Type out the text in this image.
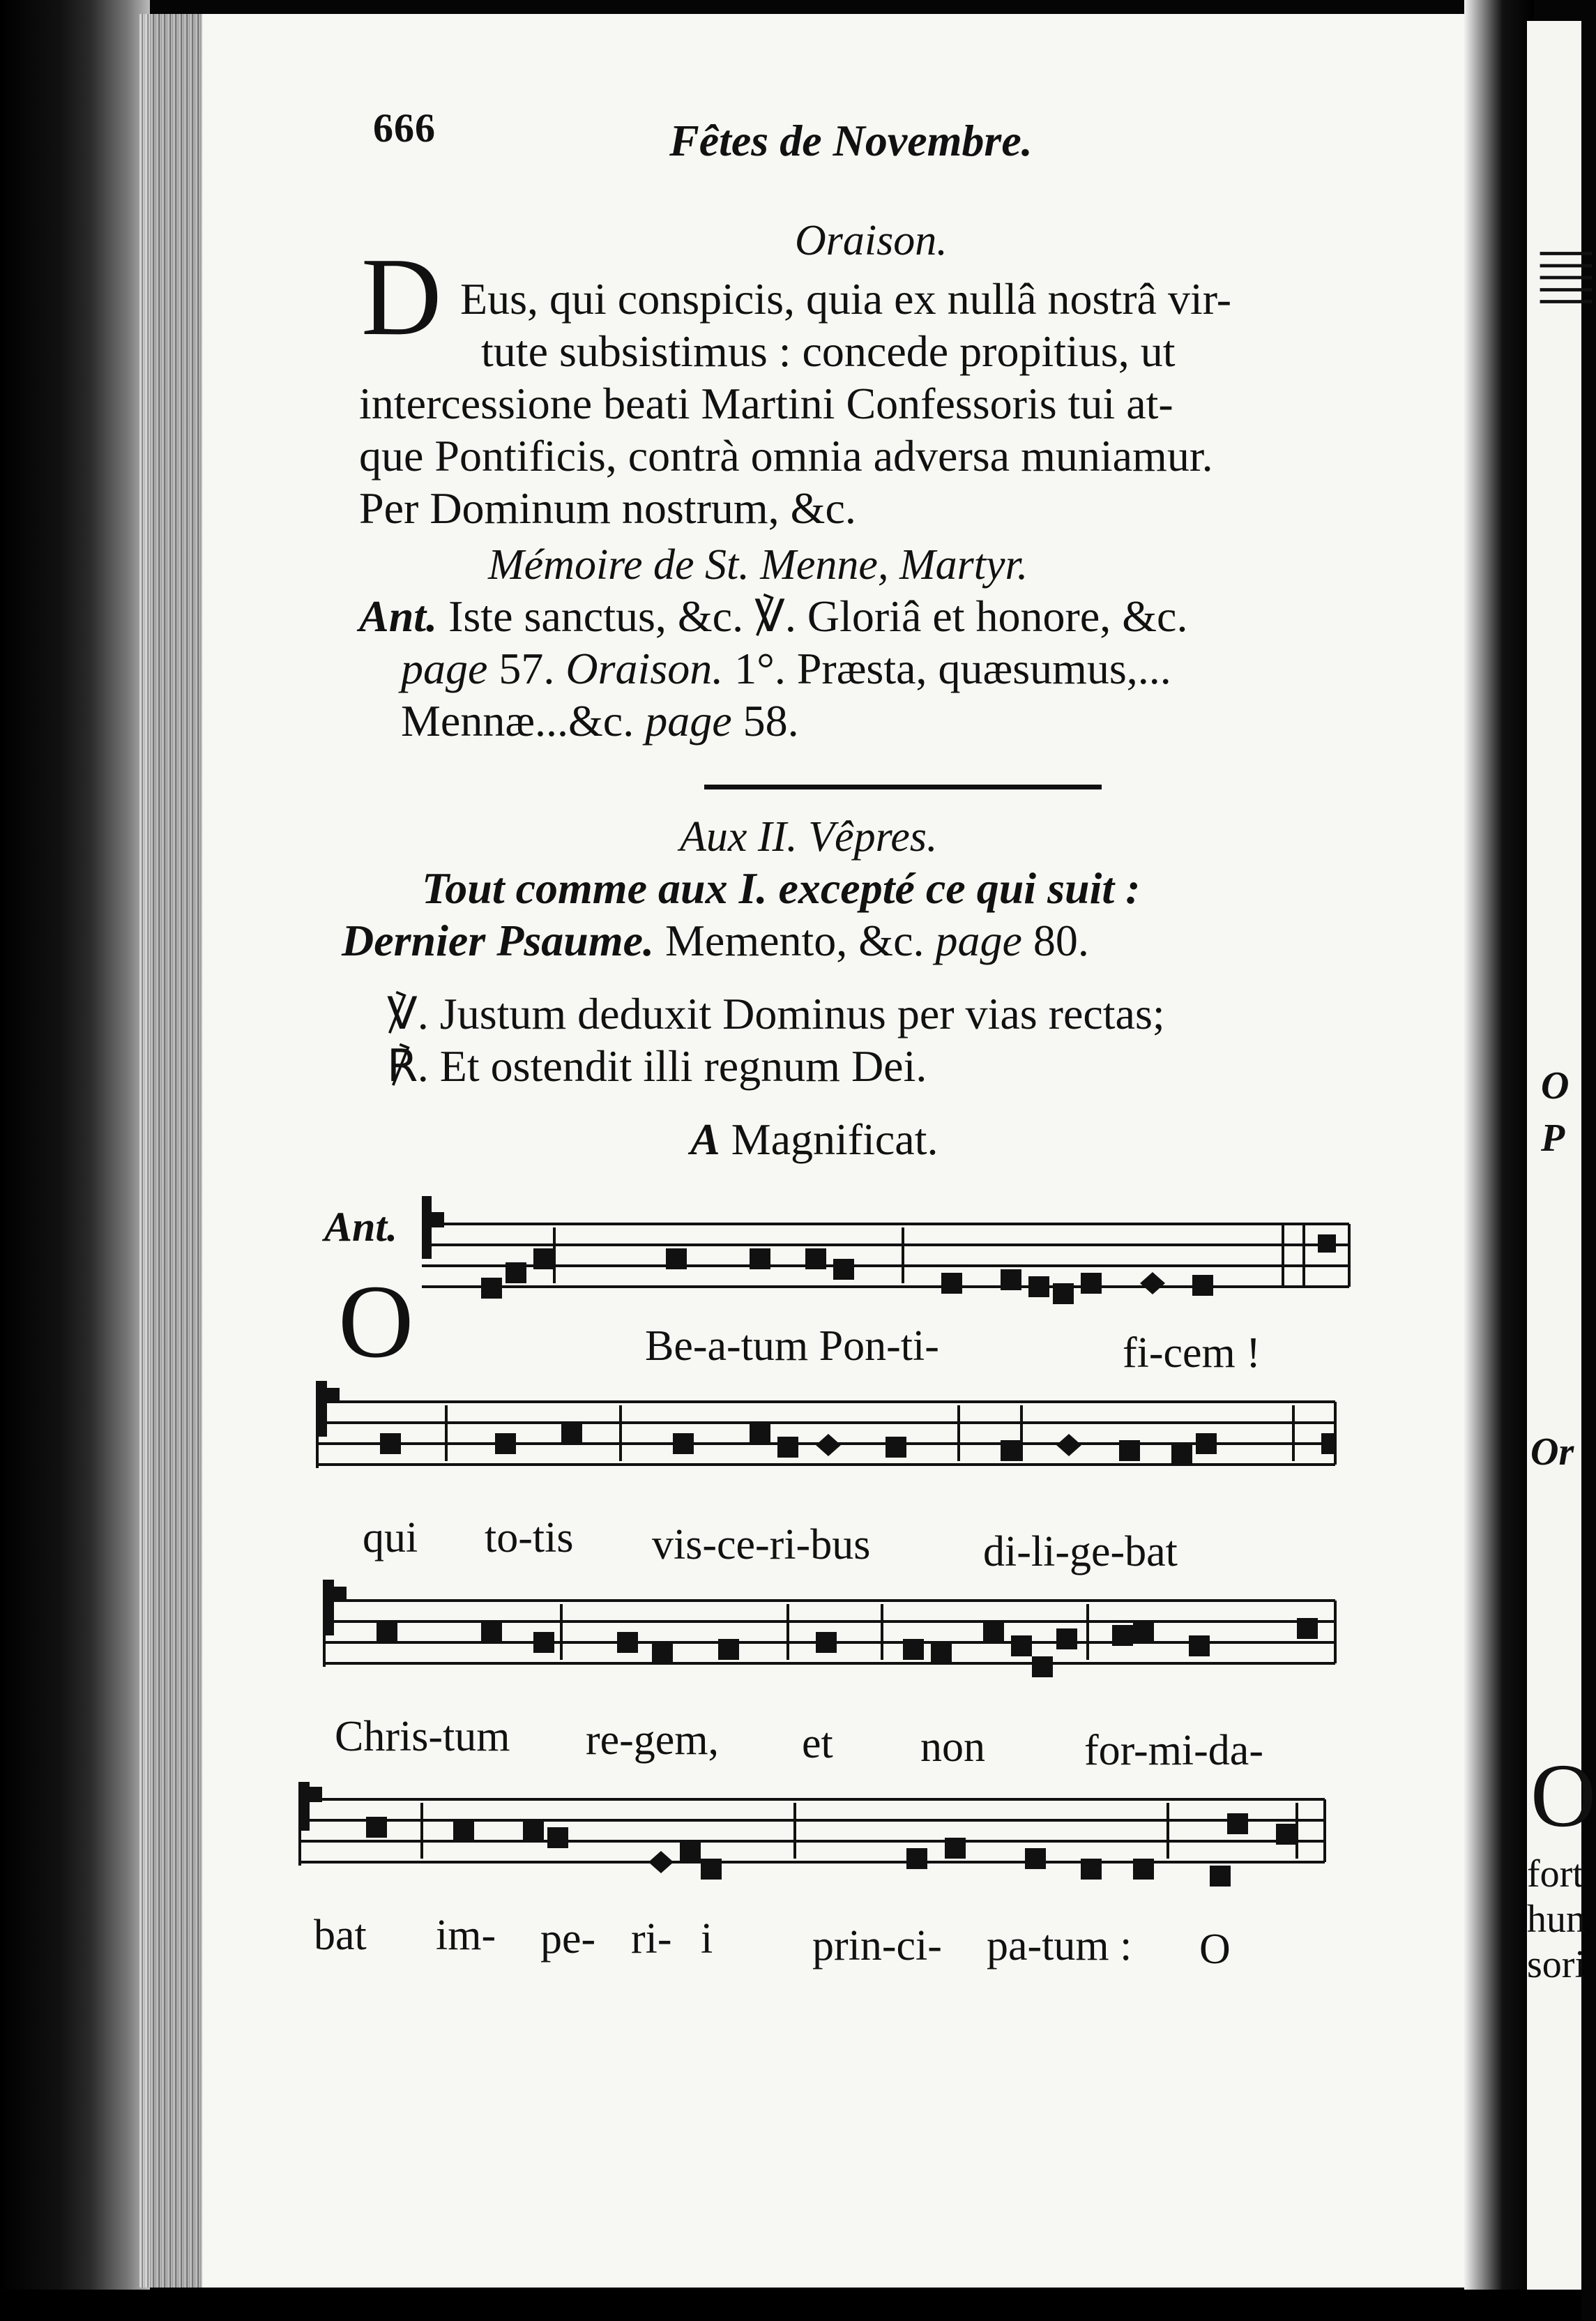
𝄚
O
P
Or
O
fort
hun
sori
666	Fêtes de Novembre.
Oraison.
D Eus, qui conspicis, quia ex nullâ nostrâ vir-
tute subsistimus : concede propitius, ut
intercessione beati Martini Confessoris tui at-
que Pontificis, contrà omnia adversa muniamur.
Per Dominum nostrum, &c.
Mémoire de St. Menne, Martyr.
Ant. Iste sanctus, &c. ℣. Gloriâ et honore, &c.
page 57. Oraison. 1°. Præsta, quæsumus,...
Mennæ...&c. page 58.
Aux II. Vêpres.
Tout comme aux I. excepté ce qui suit :
Dernier Psaume. Memento, &c. page 80.
℣. Justum deduxit Dominus per vias rectas;
℟. Et ostendit illi regnum Dei.
A Magnificat.
Ant.
O	Be-a-tum Pon-ti-	fi-cem !
qui to-tis vis-ce-ri-bus	di-li-ge-bat
Chris-tum re-gem, et non for-mi-da-
bat im- pe- ri- i prin-ci- pa-tum : O
